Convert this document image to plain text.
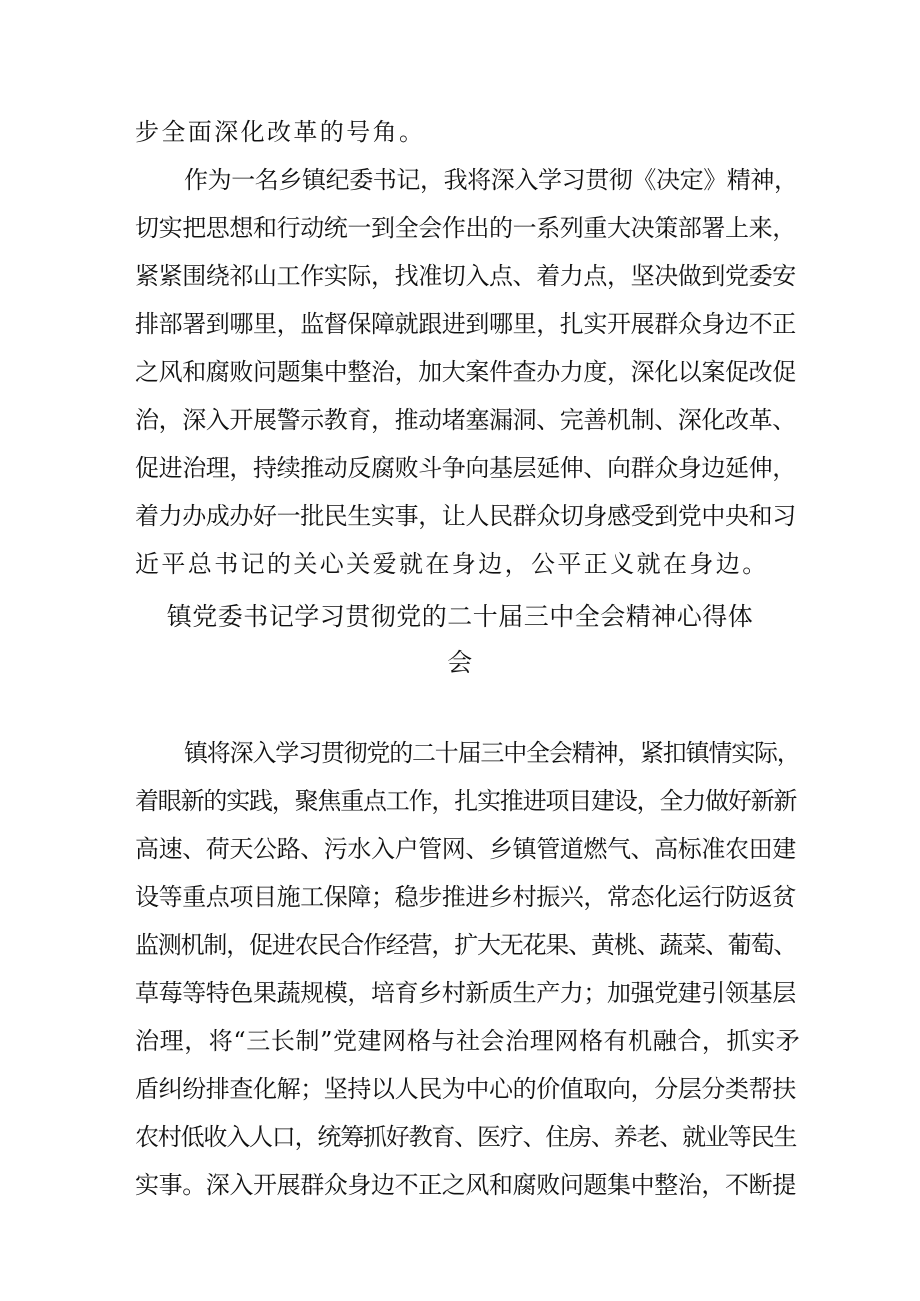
步全面深化改革的号角。
作为一名乡镇纪委书记，我将深入学习贯彻《决定》精神，
切实把思想和行动统一到全会作出的一系列重大决策部署上来，
紧紧围绕祁山工作实际，找准切入点、着力点，坚决做到党委安
排部署到哪里，监督保障就跟进到哪里，扎实开展群众身边不正
之风和腐败问题集中整治，加大案件查办力度，深化以案促改促
治，深入开展警示教育，推动堵塞漏洞、完善机制、深化改革、
促进治理，持续推动反腐败斗争向基层延伸、向群众身边延伸，
着力办成办好一批民生实事，让人民群众切身感受到党中央和习
近平总书记的关心关爱就在身边，公平正义就在身边。
镇党委书记学习贯彻党的二十届三中全会精神心得体
会
镇将深入学习贯彻党的二十届三中全会精神，紧扣镇情实际，
着眼新的实践，聚焦重点工作，扎实推进项目建设，全力做好新新
高速、荷天公路、污水入户管网、乡镇管道燃气、高标准农田建
设等重点项目施工保障；稳步推进乡村振兴，常态化运行防返贫
监测机制，促进农民合作经营，扩大无花果、黄桃、蔬菜、葡萄、
草莓等特色果蔬规模，培育乡村新质生产力；加强党建引领基层
治理，将“三长制”党建网格与社会治理网格有机融合，抓实矛
盾纠纷排查化解；坚持以人民为中心的价值取向，分层分类帮扶
农村低收入人口，统筹抓好教育、医疗、住房、养老、就业等民生
实事。深入开展群众身边不正之风和腐败问题集中整治，不断提
